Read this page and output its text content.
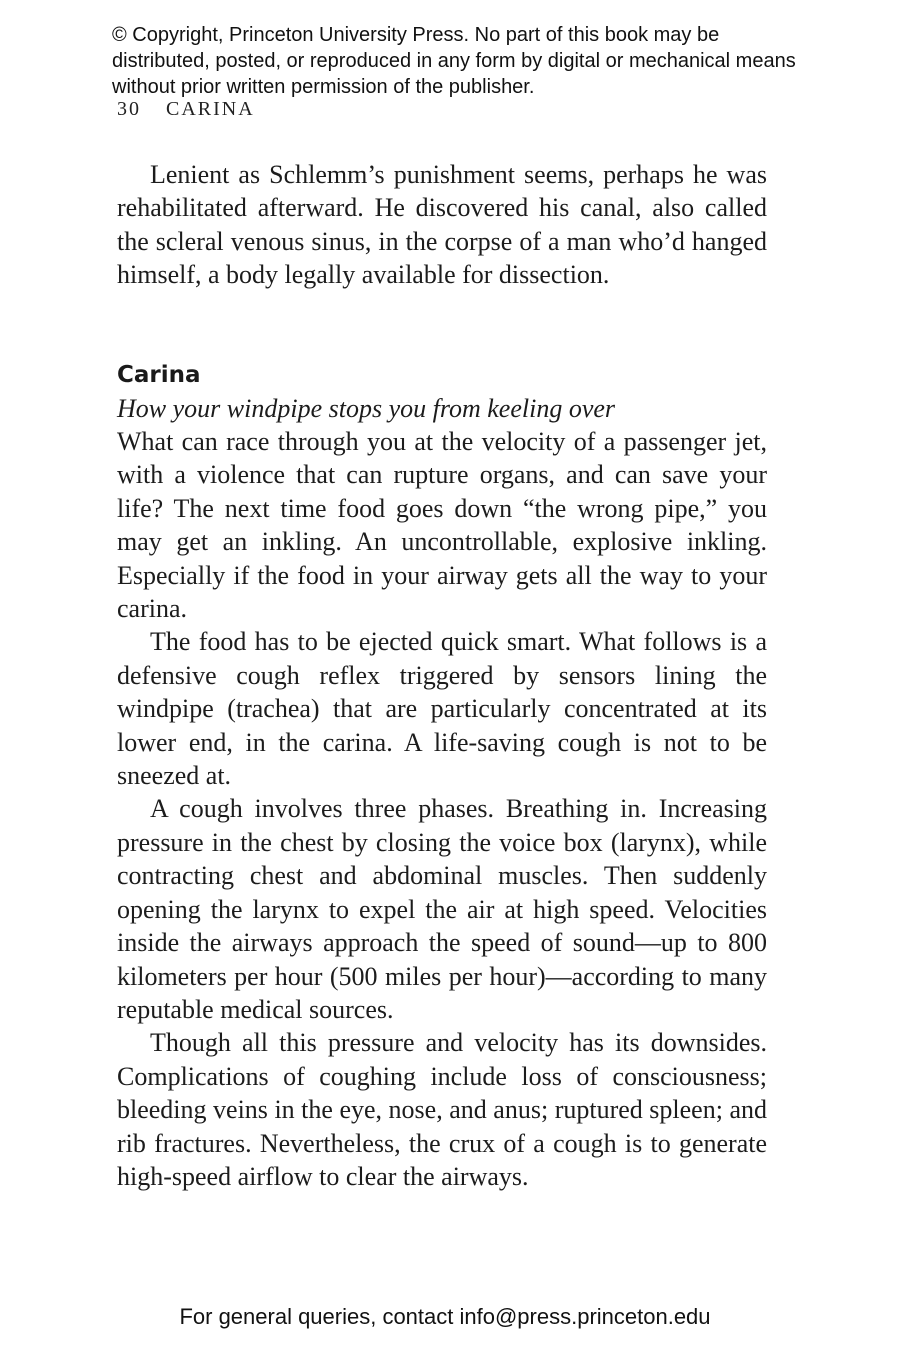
© Copyright, Princeton University Press. No part of this book may be distributed, posted, or reproduced in any form by digital or mechanical means without prior written permission of the publisher.

30 CARINA

Lenient as Schlemm’s punishment seems, perhaps he was rehabilitated afterward. He discovered his canal, also called the scleral venous sinus, in the corpse of a man who’d hanged himself, a body legally available for dissection.

Carina

How your windpipe stops you from keeling over

What can race through you at the velocity of a passenger jet, with a violence that can rupture organs, and can save your life? The next time food goes down “the wrong pipe,” you may get an inkling. An uncontrollable, explosive inkling. Especially if the food in your airway gets all the way to your carina.

The food has to be ejected quick smart. What follows is a defensive cough reflex triggered by sensors lining the windpipe (trachea) that are particularly concentrated at its lower end, in the carina. A life-saving cough is not to be sneezed at.

A cough involves three phases. Breathing in. Increasing pressure in the chest by closing the voice box (larynx), while contracting chest and abdominal muscles. Then suddenly opening the larynx to expel the air at high speed. Velocities inside the airways approach the speed of sound—up to 800 kilometers per hour (500 miles per hour)—according to many reputable medical sources.

Though all this pressure and velocity has its downsides. Complications of coughing include loss of consciousness; bleeding veins in the eye, nose, and anus; ruptured spleen; and rib fractures. Nevertheless, the crux of a cough is to generate high-speed airflow to clear the airways.

For general queries, contact info@press.princeton.edu
